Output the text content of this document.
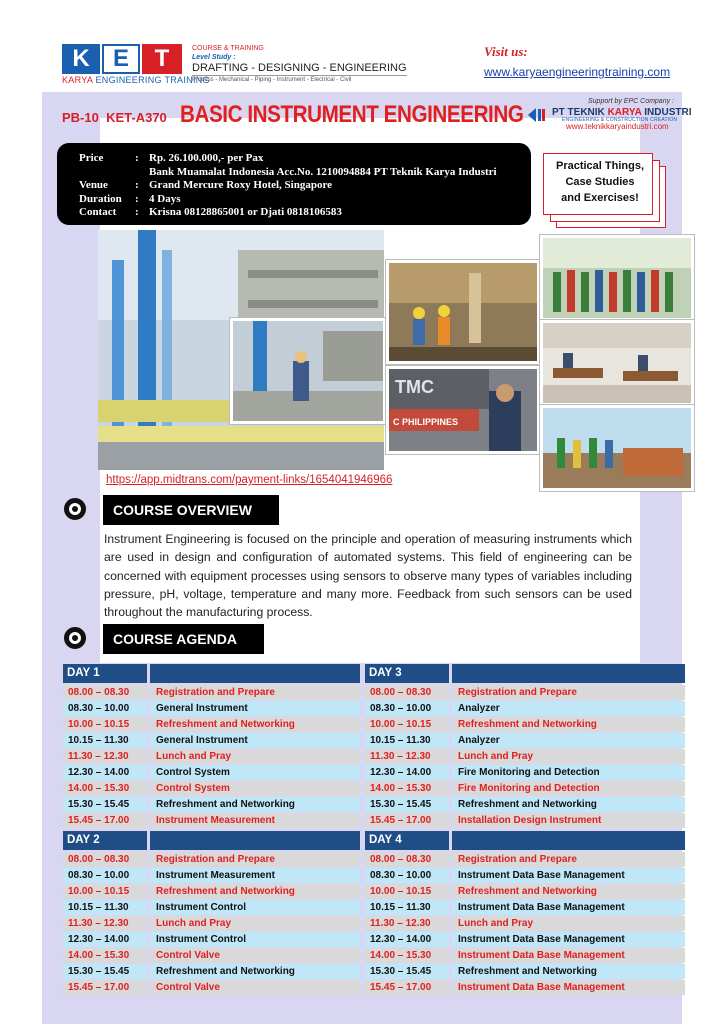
K E	T
KARYA ENGINEERING TRAINING
COURSE & TRAINING
Level Study :
DRAFTING - DESIGNING - ENGINEERING
Process - Mechanical - Piping - Instrument - Electrical - Civil
Visit us:
www.karyaengineeringtraining.com
Support by EPC Company :
PB-10 KET-A370 BASIC INSTRUMENT ENGINEERING	PT TEKNIK KARYA INDUSTRI
ENGINEERING & CONSTRUCTION CREATION
www.teknikkaryaindustri.com
Price	: Rp. 26.100.000,- per Pax
Bank Muamalat Indonesia Acc.No. 1210094884 PT Teknik Karya Industri
Venue : Grand Mercure Roxy Hotel, Singapore
Duration : 4 Days
Contact : Krisna 08128865001 or Djati 0818106583
Practical Things,
Case Studies
and Exercises!
TMC
C PHILIPPINES
https://app.midtrans.com/payment-links/1654041946966
COURSE OVERVIEW
Instrument Engineering is focused on the principle and operation of measuring instruments which are used in design and configuration of automated systems. This field of engineering can be concerned with equipment processes using sensors to observe many types of variables including pressure, pH, voltage, temperature and many more. Feedback from such sensors can be used throughout the manufacturing process.
COURSE AGENDA
DAY 1	DAY 3
08.00 – 08.30	Registration and Prepare	08.00 – 08.30	Registration and Prepare
08.30 – 10.00	General Instrument	08.30 – 10.00	Analyzer
10.00 – 10.15	Refreshment and Networking	10.00 – 10.15	Refreshment and Networking
10.15 – 11.30	General Instrument	10.15 – 11.30	Analyzer
11.30 – 12.30	Lunch and Pray	11.30 – 12.30	Lunch and Pray
12.30 – 14.00	Control System	12.30 – 14.00	Fire Monitoring and Detection
14.00 – 15.30	Control System	14.00 – 15.30	Fire Monitoring and Detection
15.30 – 15.45	Refreshment and Networking	15.30 – 15.45	Refreshment and Networking
15.45 – 17.00	Instrument Measurement	15.45 – 17.00	Installation Design Instrument
DAY 2	DAY 4
08.00 – 08.30	Registration and Prepare	08.00 – 08.30	Registration and Prepare
08.30 – 10.00	Instrument Measurement	08.30 – 10.00	Instrument Data Base Management
10.00 – 10.15	Refreshment and Networking	10.00 – 10.15	Refreshment and Networking
10.15 – 11.30	Instrument Control	10.15 – 11.30	Instrument Data Base Management
11.30 – 12.30	Lunch and Pray	11.30 – 12.30	Lunch and Pray
12.30 – 14.00	Instrument Control	12.30 – 14.00	Instrument Data Base Management
14.00 – 15.30	Control Valve	14.00 – 15.30	Instrument Data Base Management
15.30 – 15.45	Refreshment and Networking	15.30 – 15.45	Refreshment and Networking
15.45 – 17.00	Control Valve	15.45 – 17.00	Instrument Data Base Management
